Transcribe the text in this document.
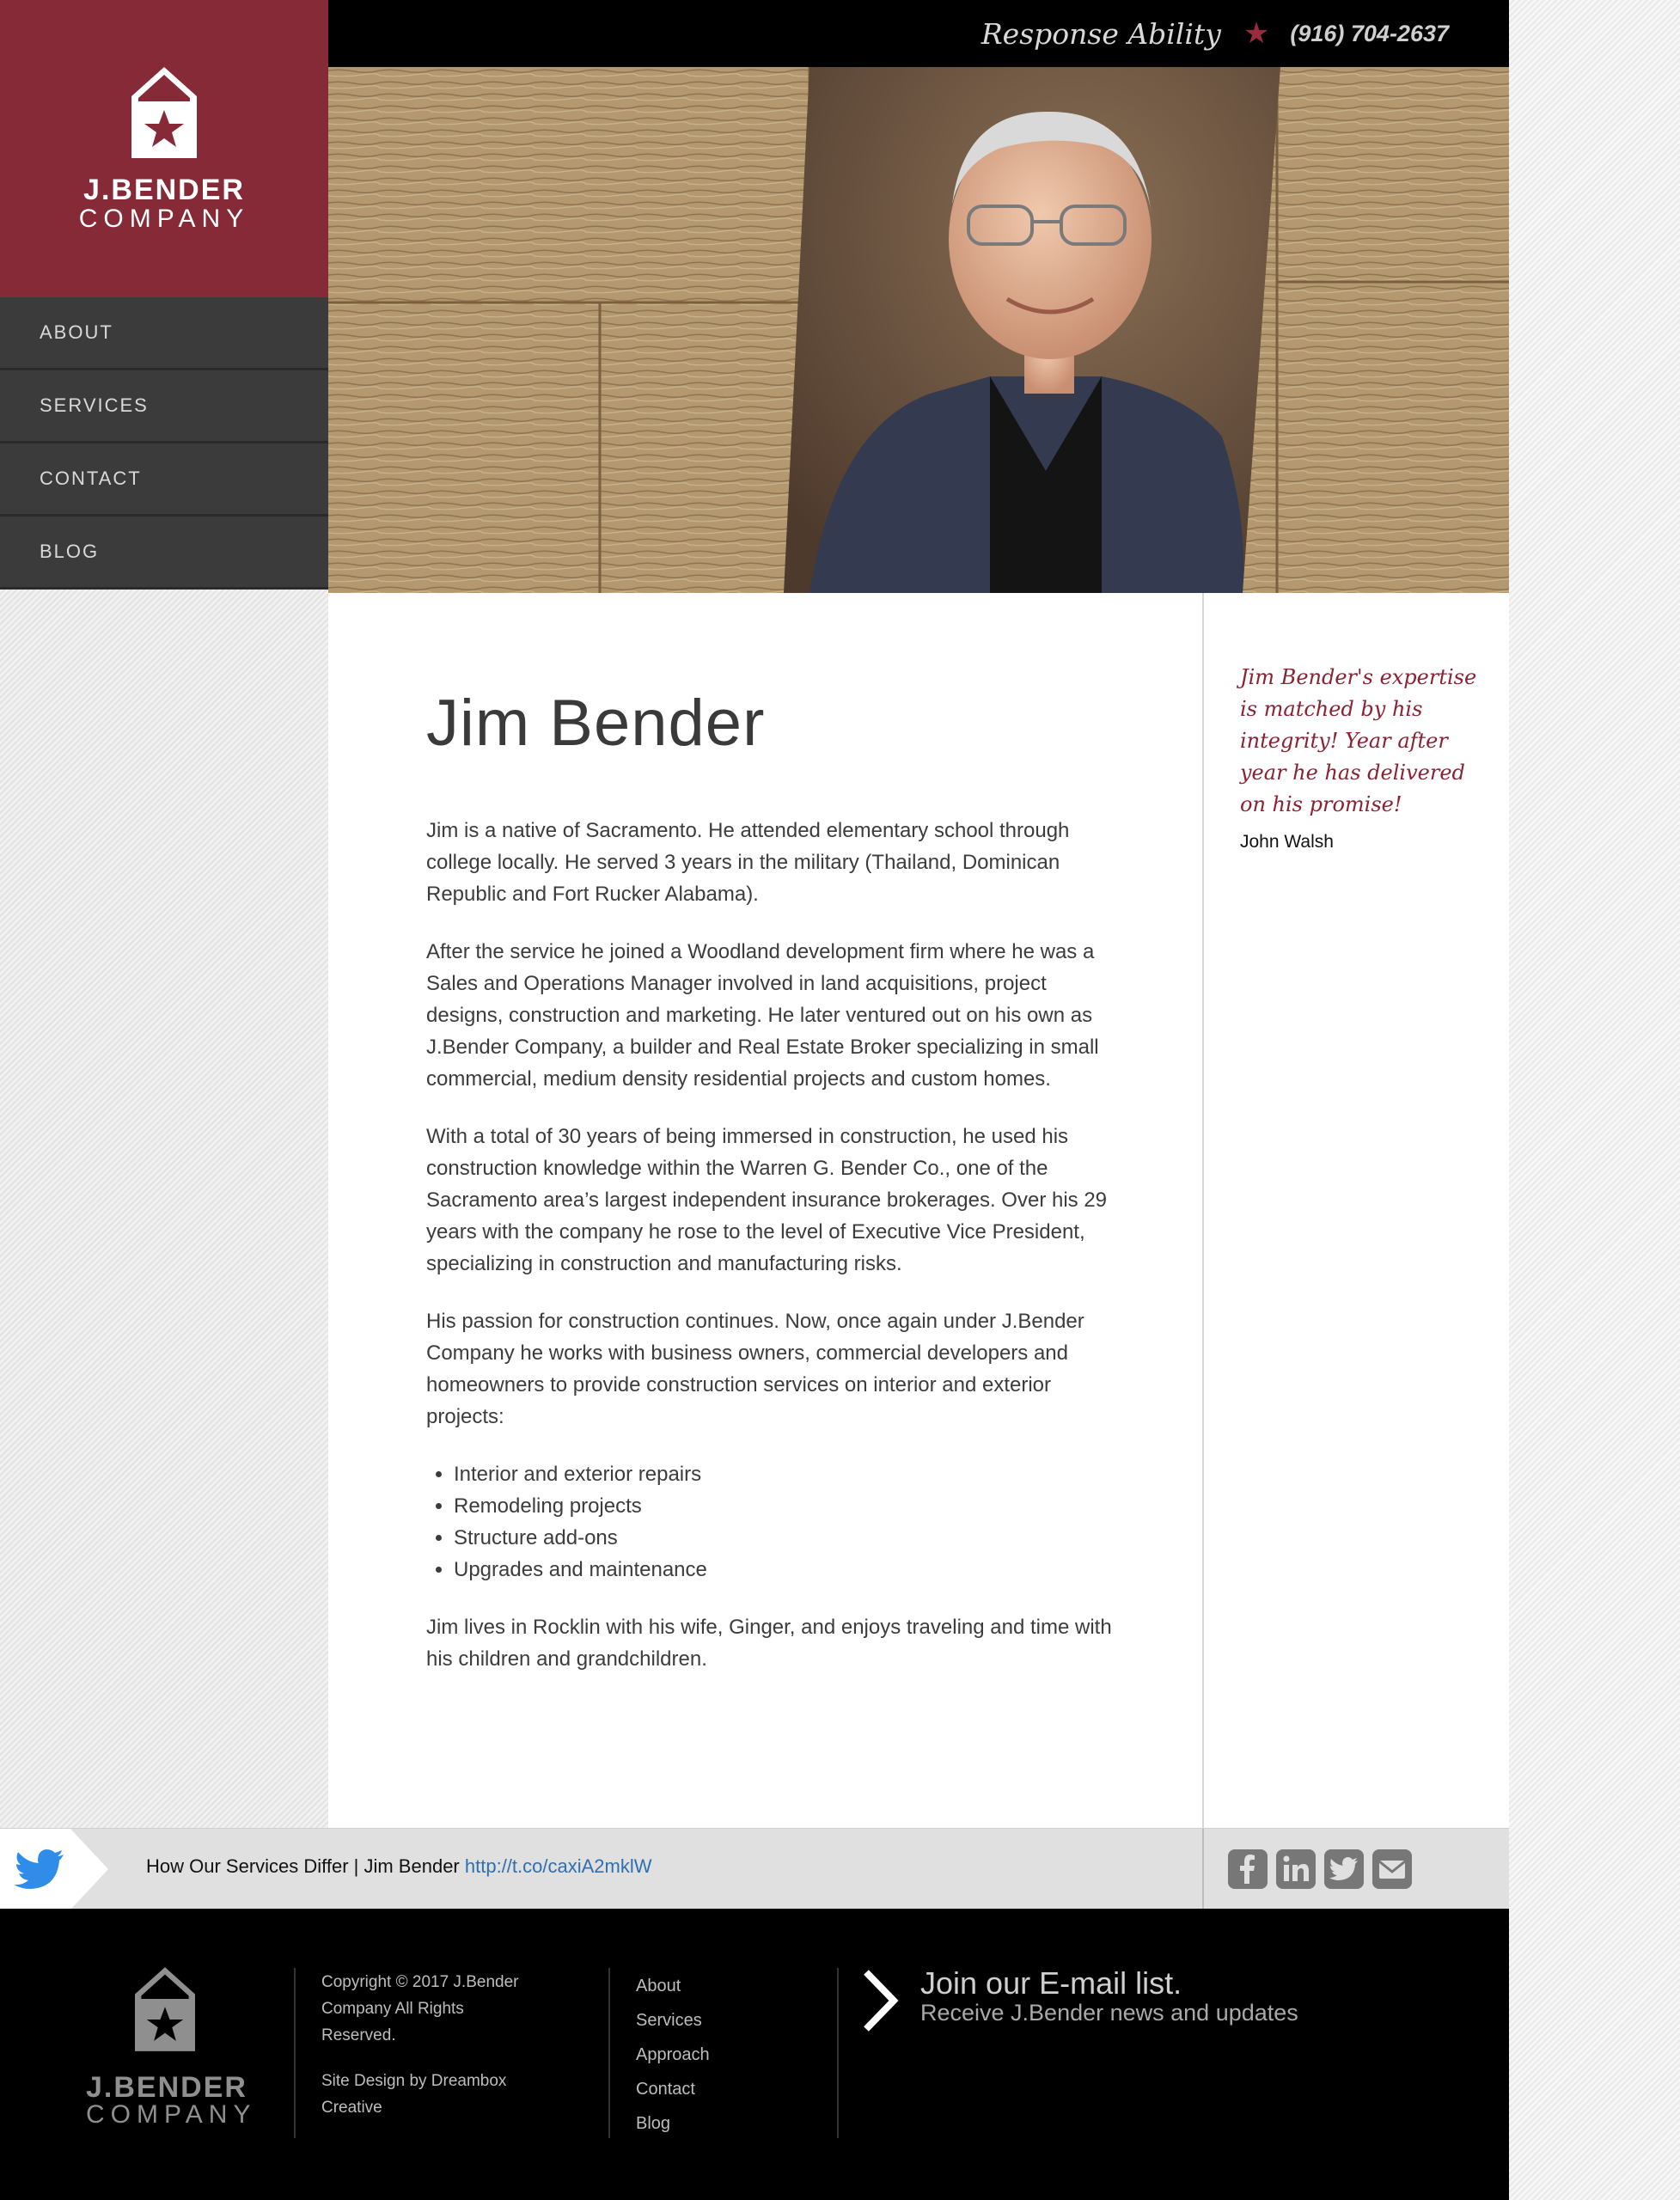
J.BENDER
COMPANY
ABOUT
SERVICES
CONTACT
BLOG
Response Ability ★ (916) 704-2637
Jim Bender

Jim is a native of Sacramento. He attended elementary school through college locally. He served 3 years in the military (Thailand, Dominican Republic and Fort Rucker Alabama).

After the service he joined a Woodland development firm where he was a Sales and Operations Manager involved in land acquisitions, project designs, construction and marketing. He later ventured out on his own as J.Bender Company, a builder and Real Estate Broker specializing in small commercial, medium density residential projects and custom homes.

With a total of 30 years of being immersed in construction, he used his construction knowledge within the Warren G. Bender Co., one of the Sacramento area’s largest independent insurance brokerages. Over his 29 years with the company he rose to the level of Executive Vice President, specializing in construction and manufacturing risks.

His passion for construction continues. Now, once again under J.Bender Company he works with business owners, commercial developers and homeowners to provide construction services on interior and exterior projects:

• Interior and exterior repairs
• Remodeling projects
• Structure add-ons
• Upgrades and maintenance

Jim lives in Rocklin with his wife, Ginger, and enjoys traveling and time with his children and grandchildren.

Jim Bender's expertise is matched by his integrity! Year after year he has delivered on his promise!
John Walsh
How Our Services Differ | Jim Bender http://t.co/caxiA2mklW
J.BENDER
COMPANY
Copyright © 2017 J.Bender Company All Rights Reserved.
Site Design by Dreambox Creative
About
Services
Approach
Contact
Blog
Join our E-mail list.
Receive J.Bender news and updates
